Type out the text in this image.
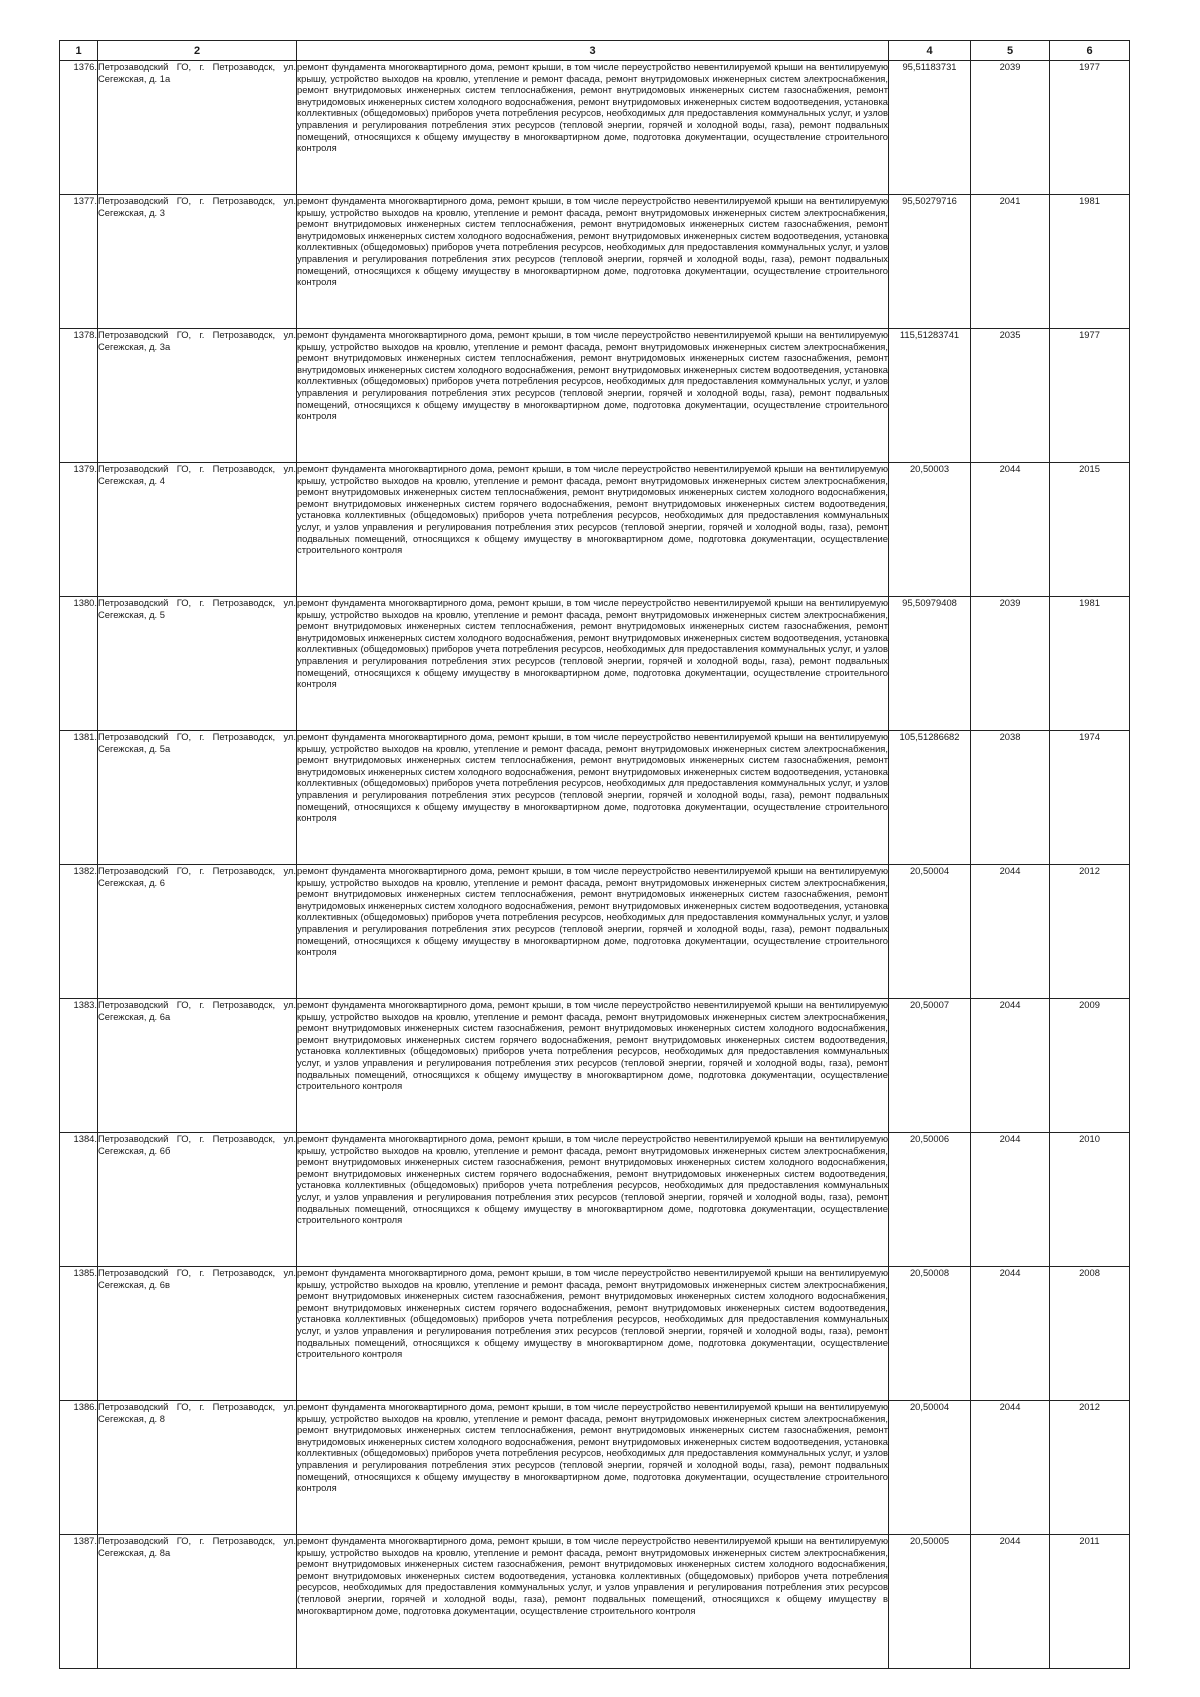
1	2	3	4	5	6
1376.	Петрозаводский ГО, г. Петрозаводск, ул. Сегежская, д. 1а	ремонт фундамента многоквартирного дома, ремонт крыши, в том числе переустройство невентилируемой крыши на вентилируемую крышу, устройство выходов на кровлю, утепление и ремонт фасада, ремонт внутридомовых инженерных систем электроснабжения, ремонт внутридомовых инженерных систем теплоснабжения, ремонт внутридомовых инженерных систем газоснабжения, ремонт внутридомовых инженерных систем холодного водоснабжения, ремонт внутридомовых инженерных систем водоотведения, установка коллективных (общедомовых) приборов учета потребления ресурсов, необходимых для предоставления коммунальных услуг, и узлов управления и регулирования потребления этих ресурсов (тепловой энергии, горячей и холодной воды, газа), ремонт подвальных помещений, относящихся к общему имуществу в многоквартирном доме, подготовка документации, осуществление строительного контроля	95,51183731	2039	1977
1377.	Петрозаводский ГО, г. Петрозаводск, ул. Сегежская, д. 3	ремонт фундамента многоквартирного дома, ремонт крыши, в том числе переустройство невентилируемой крыши на вентилируемую крышу, устройство выходов на кровлю, утепление и ремонт фасада, ремонт внутридомовых инженерных систем электроснабжения, ремонт внутридомовых инженерных систем теплоснабжения, ремонт внутридомовых инженерных систем газоснабжения, ремонт внутридомовых инженерных систем холодного водоснабжения, ремонт внутридомовых инженерных систем водоотведения, установка коллективных (общедомовых) приборов учета потребления ресурсов, необходимых для предоставления коммунальных услуг, и узлов управления и регулирования потребления этих ресурсов (тепловой энергии, горячей и холодной воды, газа), ремонт подвальных помещений, относящихся к общему имуществу в многоквартирном доме, подготовка документации, осуществление строительного контроля	95,50279716	2041	1981
1378.	Петрозаводский ГО, г. Петрозаводск, ул. Сегежская, д. 3а	ремонт фундамента многоквартирного дома, ремонт крыши, в том числе переустройство невентилируемой крыши на вентилируемую крышу, устройство выходов на кровлю, утепление и ремонт фасада, ремонт внутридомовых инженерных систем электроснабжения, ремонт внутридомовых инженерных систем теплоснабжения, ремонт внутридомовых инженерных систем газоснабжения, ремонт внутридомовых инженерных систем холодного водоснабжения, ремонт внутридомовых инженерных систем водоотведения, установка коллективных (общедомовых) приборов учета потребления ресурсов, необходимых для предоставления коммунальных услуг, и узлов управления и регулирования потребления этих ресурсов (тепловой энергии, горячей и холодной воды, газа), ремонт подвальных помещений, относящихся к общему имуществу в многоквартирном доме, подготовка документации, осуществление строительного контроля	115,51283741	2035	1977
1379.	Петрозаводский ГО, г. Петрозаводск, ул. Сегежская, д. 4	ремонт фундамента многоквартирного дома, ремонт крыши, в том числе переустройство невентилируемой крыши на вентилируемую крышу, устройство выходов на кровлю, утепление и ремонт фасада, ремонт внутридомовых инженерных систем электроснабжения, ремонт внутридомовых инженерных систем теплоснабжения, ремонт внутридомовых инженерных систем холодного водоснабжения, ремонт внутридомовых инженерных систем горячего водоснабжения, ремонт внутридомовых инженерных систем водоотведения, установка коллективных (общедомовых) приборов учета потребления ресурсов, необходимых для предоставления коммунальных услуг, и узлов управления и регулирования потребления этих ресурсов (тепловой энергии, горячей и холодной воды, газа), ремонт подвальных помещений, относящихся к общему имуществу в многоквартирном доме, подготовка документации, осуществление строительного контроля	20,50003	2044	2015
1380.	Петрозаводский ГО, г. Петрозаводск, ул. Сегежская, д. 5	ремонт фундамента многоквартирного дома, ремонт крыши, в том числе переустройство невентилируемой крыши на вентилируемую крышу, устройство выходов на кровлю, утепление и ремонт фасада, ремонт внутридомовых инженерных систем электроснабжения, ремонт внутридомовых инженерных систем теплоснабжения, ремонт внутридомовых инженерных систем газоснабжения, ремонт внутридомовых инженерных систем холодного водоснабжения, ремонт внутридомовых инженерных систем водоотведения, установка коллективных (общедомовых) приборов учета потребления ресурсов, необходимых для предоставления коммунальных услуг, и узлов управления и регулирования потребления этих ресурсов (тепловой энергии, горячей и холодной воды, газа), ремонт подвальных помещений, относящихся к общему имуществу в многоквартирном доме, подготовка документации, осуществление строительного контроля	95,50979408	2039	1981
1381.	Петрозаводский ГО, г. Петрозаводск, ул. Сегежская, д. 5а	ремонт фундамента многоквартирного дома, ремонт крыши, в том числе переустройство невентилируемой крыши на вентилируемую крышу, устройство выходов на кровлю, утепление и ремонт фасада, ремонт внутридомовых инженерных систем электроснабжения, ремонт внутридомовых инженерных систем теплоснабжения, ремонт внутридомовых инженерных систем газоснабжения, ремонт внутридомовых инженерных систем холодного водоснабжения, ремонт внутридомовых инженерных систем водоотведения, установка коллективных (общедомовых) приборов учета потребления ресурсов, необходимых для предоставления коммунальных услуг, и узлов управления и регулирования потребления этих ресурсов (тепловой энергии, горячей и холодной воды, газа), ремонт подвальных помещений, относящихся к общему имуществу в многоквартирном доме, подготовка документации, осуществление строительного контроля	105,51286682	2038	1974
1382.	Петрозаводский ГО, г. Петрозаводск, ул. Сегежская, д. 6	ремонт фундамента многоквартирного дома, ремонт крыши, в том числе переустройство невентилируемой крыши на вентилируемую крышу, устройство выходов на кровлю, утепление и ремонт фасада, ремонт внутридомовых инженерных систем электроснабжения, ремонт внутридомовых инженерных систем теплоснабжения, ремонт внутридомовых инженерных систем газоснабжения, ремонт внутридомовых инженерных систем холодного водоснабжения, ремонт внутридомовых инженерных систем водоотведения, установка коллективных (общедомовых) приборов учета потребления ресурсов, необходимых для предоставления коммунальных услуг, и узлов управления и регулирования потребления этих ресурсов (тепловой энергии, горячей и холодной воды, газа), ремонт подвальных помещений, относящихся к общему имуществу в многоквартирном доме, подготовка документации, осуществление строительного контроля	20,50004	2044	2012
1383.	Петрозаводский ГО, г. Петрозаводск, ул. Сегежская, д. 6а	ремонт фундамента многоквартирного дома, ремонт крыши, в том числе переустройство невентилируемой крыши на вентилируемую крышу, устройство выходов на кровлю, утепление и ремонт фасада, ремонт внутридомовых инженерных систем электроснабжения, ремонт внутридомовых инженерных систем газоснабжения, ремонт внутридомовых инженерных систем холодного водоснабжения, ремонт внутридомовых инженерных систем горячего водоснабжения, ремонт внутридомовых инженерных систем водоотведения, установка коллективных (общедомовых) приборов учета потребления ресурсов, необходимых для предоставления коммунальных услуг, и узлов управления и регулирования потребления этих ресурсов (тепловой энергии, горячей и холодной воды, газа), ремонт подвальных помещений, относящихся к общему имуществу в многоквартирном доме, подготовка документации, осуществление строительного контроля	20,50007	2044	2009
1384.	Петрозаводский ГО, г. Петрозаводск, ул. Сегежская, д. 6б	ремонт фундамента многоквартирного дома, ремонт крыши, в том числе переустройство невентилируемой крыши на вентилируемую крышу, устройство выходов на кровлю, утепление и ремонт фасада, ремонт внутридомовых инженерных систем электроснабжения, ремонт внутридомовых инженерных систем газоснабжения, ремонт внутридомовых инженерных систем холодного водоснабжения, ремонт внутридомовых инженерных систем горячего водоснабжения, ремонт внутридомовых инженерных систем водоотведения, установка коллективных (общедомовых) приборов учета потребления ресурсов, необходимых для предоставления коммунальных услуг, и узлов управления и регулирования потребления этих ресурсов (тепловой энергии, горячей и холодной воды, газа), ремонт подвальных помещений, относящихся к общему имуществу в многоквартирном доме, подготовка документации, осуществление строительного контроля	20,50006	2044	2010
1385.	Петрозаводский ГО, г. Петрозаводск, ул. Сегежская, д. 6в	ремонт фундамента многоквартирного дома, ремонт крыши, в том числе переустройство невентилируемой крыши на вентилируемую крышу, устройство выходов на кровлю, утепление и ремонт фасада, ремонт внутридомовых инженерных систем электроснабжения, ремонт внутридомовых инженерных систем газоснабжения, ремонт внутридомовых инженерных систем холодного водоснабжения, ремонт внутридомовых инженерных систем горячего водоснабжения, ремонт внутридомовых инженерных систем водоотведения, установка коллективных (общедомовых) приборов учета потребления ресурсов, необходимых для предоставления коммунальных услуг, и узлов управления и регулирования потребления этих ресурсов (тепловой энергии, горячей и холодной воды, газа), ремонт подвальных помещений, относящихся к общему имуществу в многоквартирном доме, подготовка документации, осуществление строительного контроля	20,50008	2044	2008
1386.	Петрозаводский ГО, г. Петрозаводск, ул. Сегежская, д. 8	ремонт фундамента многоквартирного дома, ремонт крыши, в том числе переустройство невентилируемой крыши на вентилируемую крышу, устройство выходов на кровлю, утепление и ремонт фасада, ремонт внутридомовых инженерных систем электроснабжения, ремонт внутридомовых инженерных систем теплоснабжения, ремонт внутридомовых инженерных систем газоснабжения, ремонт внутридомовых инженерных систем холодного водоснабжения, ремонт внутридомовых инженерных систем водоотведения, установка коллективных (общедомовых) приборов учета потребления ресурсов, необходимых для предоставления коммунальных услуг, и узлов управления и регулирования потребления этих ресурсов (тепловой энергии, горячей и холодной воды, газа), ремонт подвальных помещений, относящихся к общему имуществу в многоквартирном доме, подготовка документации, осуществление строительного контроля	20,50004	2044	2012
1387.	Петрозаводский ГО, г. Петрозаводск, ул. Сегежская, д. 8а	ремонт фундамента многоквартирного дома, ремонт крыши, в том числе переустройство невентилируемой крыши на вентилируемую крышу, устройство выходов на кровлю, утепление и ремонт фасада, ремонт внутридомовых инженерных систем электроснабжения, ремонт внутридомовых инженерных систем газоснабжения, ремонт внутридомовых инженерных систем холодного водоснабжения, ремонт внутридомовых инженерных систем водоотведения, установка коллективных (общедомовых) приборов учета потребления ресурсов, необходимых для предоставления коммунальных услуг, и узлов управления и регулирования потребления этих ресурсов (тепловой энергии, горячей и холодной воды, газа), ремонт подвальных помещений, относящихся к общему имуществу в многоквартирном доме, подготовка документации, осуществление строительного контроля	20,50005	2044	2011
